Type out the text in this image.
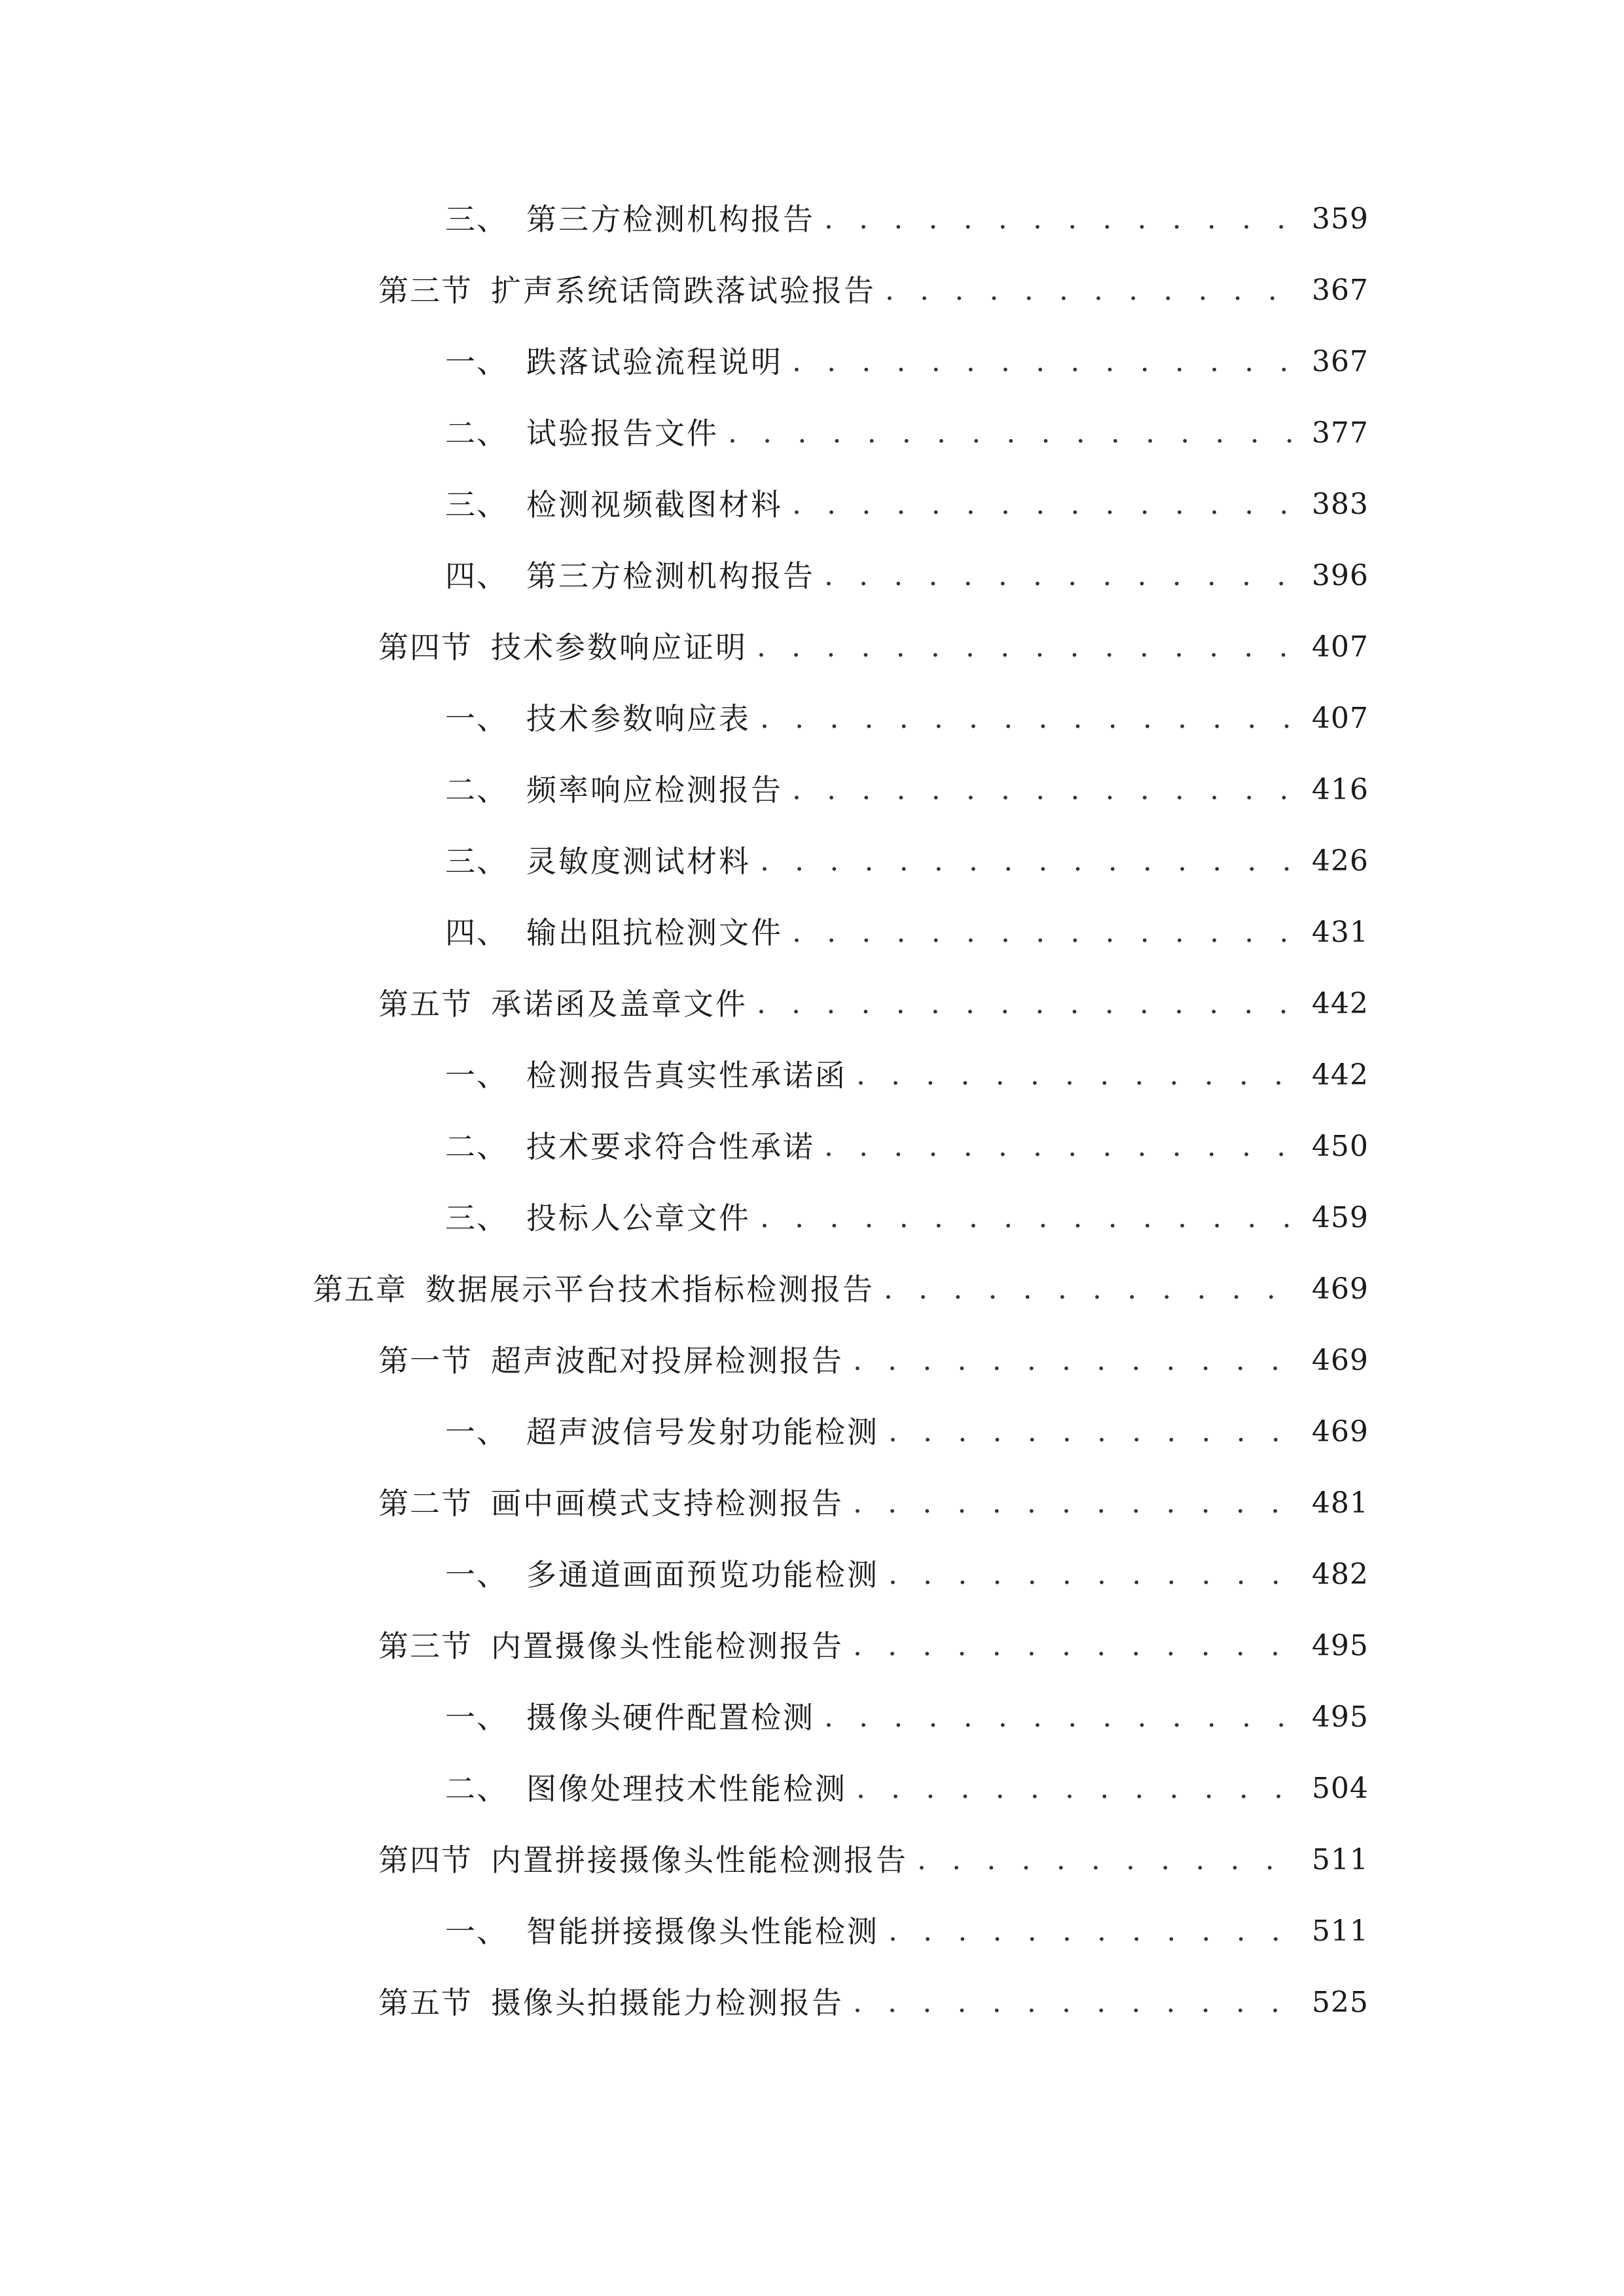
三、 第三方检测机构报告 . . .	359
第三节 扩声系统话筒跌落试验报告 . . .	367
一、 跌落试验流程说明 . . .	367
二、 试验报告文件 . . .	377
三、 检测视频截图材料 . . .	383
四、 第三方检测机构报告 . . .	396
第四节 技术参数响应证明 . . .	407
一、 技术参数响应表 . . .	407
二、 频率响应检测报告 . . .	416
三、 灵敏度测试材料 . . .	426
四、 输出阻抗检测文件 . . .	431
第五节 承诺函及盖章文件 . . .	442
一、 检测报告真实性承诺函 . . .	442
二、 技术要求符合性承诺 . . .	450
三、 投标人公章文件 . . .	459
第五章 数据展示平台技术指标检测报告 . . .	469
第一节 超声波配对投屏检测报告 . . .	469
一、 超声波信号发射功能检测 . . .	469
第二节 画中画模式支持检测报告 . . .	481
一、 多通道画面预览功能检测 . . .	482
第三节 内置摄像头性能检测报告 . . .	495
一、 摄像头硬件配置检测 . . .	495
二、 图像处理技术性能检测 . . .	504
第四节 内置拼接摄像头性能检测报告 . . .	511
一、 智能拼接摄像头性能检测 . . .	511
第五节 摄像头拍摄能力检测报告 . . .	525
